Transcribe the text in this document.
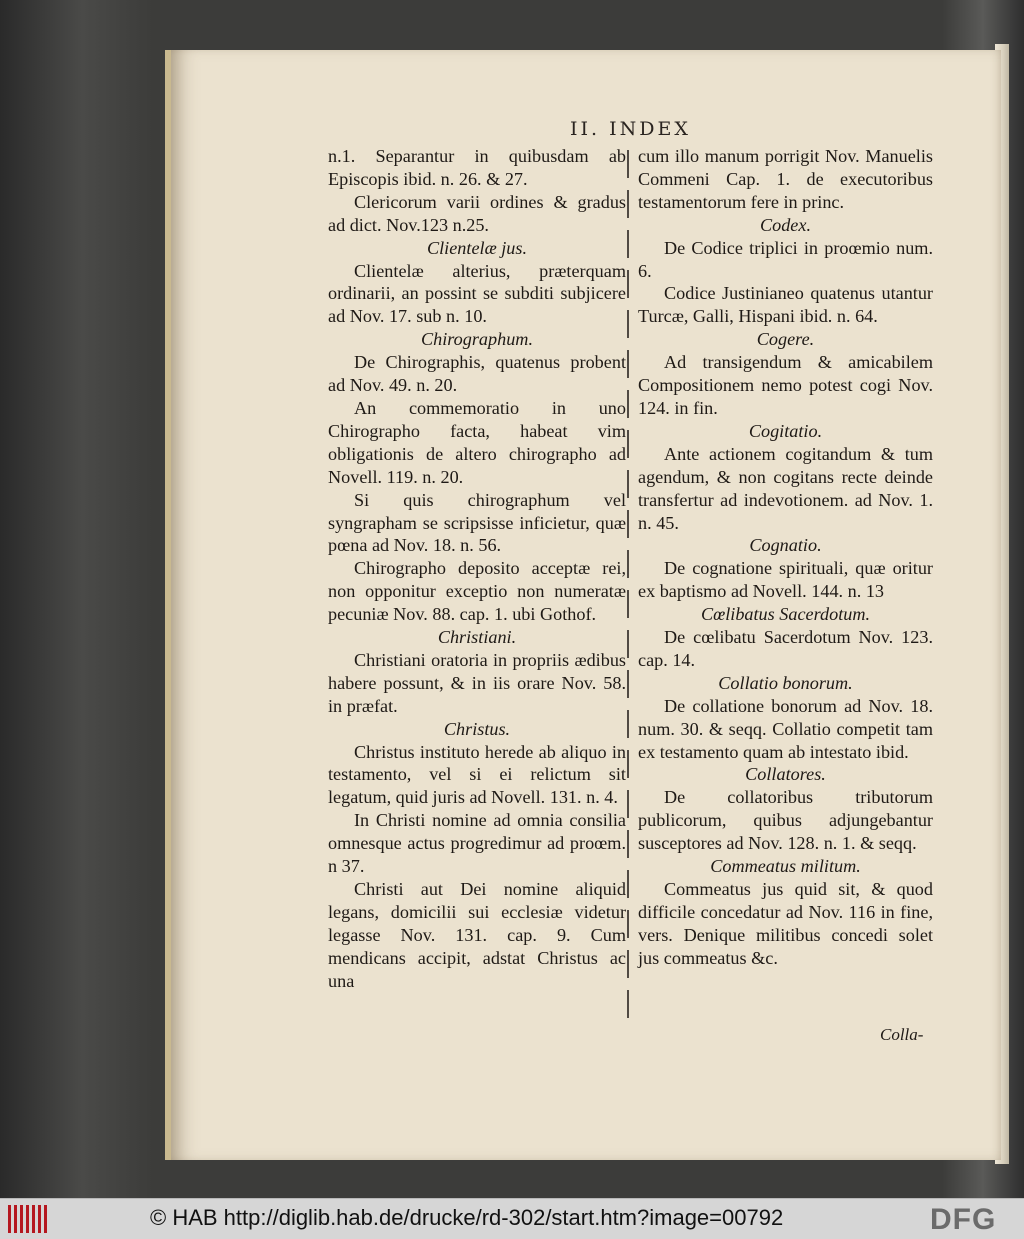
II. INDEX

n.1. Separantur in quibusdam ab Episcopis ibid. n. 26. & 27.

Clericorum varii ordines & gradus ad dict. Nov.123 n.25.

Clientelæ jus.

Clientelæ alterius, præterquam ordinarii, an possint se subditi subjicere ad Nov. 17. sub n. 10.

Chirographum.

De Chirographis, quatenus probent ad Nov. 49. n. 20.

An commemoratio in uno Chirographo facta, habeat vim obligationis de altero chirographo ad Novell. 119. n. 20.

Si quis chirographum vel syngrapham se scripsisse inficietur, quæ pœna ad Nov. 18. n. 56.

Chirographo deposito acceptæ rei, non opponitur exceptio non numeratæ pecuniæ Nov. 88. cap. 1. ubi Gothof.

Christiani.

Christiani oratoria in propriis ædibus habere possunt, & in iis orare Nov. 58. in præfat.

Christus.

Christus instituto herede ab aliquo in testamento, vel si ei relictum sit legatum, quid juris ad Novell. 131. n. 4.

In Christi nomine ad omnia consilia omnesque actus progredimur ad proœm. n 37.

Christi aut Dei nomine aliquid legans, domicilii sui ecclesiæ videtur legasse Nov. 131. cap. 9. Cum mendicans accipit, adstat Christus ac una

cum illo manum porrigit Nov. Manuelis Commeni Cap. 1. de executoribus testamentorum fere in princ.

Codex.

De Codice triplici in proœmio num. 6.

Codice Justinianeo quatenus utantur Turcæ, Galli, Hispani ibid. n. 64.

Cogere.

Ad transigendum & amicabilem Compositionem nemo potest cogi Nov. 124. in fin.

Cogitatio.

Ante actionem cogitandum & tum agendum, & non cogitans recte deinde transfertur ad indevotionem. ad Nov. 1. n. 45.

Cognatio.

De cognatione spirituali, quæ oritur ex baptismo ad Novell. 144. n. 13

Cœlibatus Sacerdotum.

De cœlibatu Sacerdotum Nov. 123. cap. 14.

Collatio bonorum.

De collatione bonorum ad Nov. 18. num. 30. & seqq. Collatio competit tam ex testamento quam ab intestato ibid.

Collatores.

De collatoribus tributorum publicorum, quibus adjungebantur susceptores ad Nov. 128. n. 1. & seqq.

Commeatus militum.

Commeatus jus quid sit, & quod difficile concedatur ad Nov. 116 in fine, vers. Denique militibus concedi solet jus commeatus &c.

Colla-
© HAB http://diglib.hab.de/drucke/rd-302/start.htm?image=00792	DFG
